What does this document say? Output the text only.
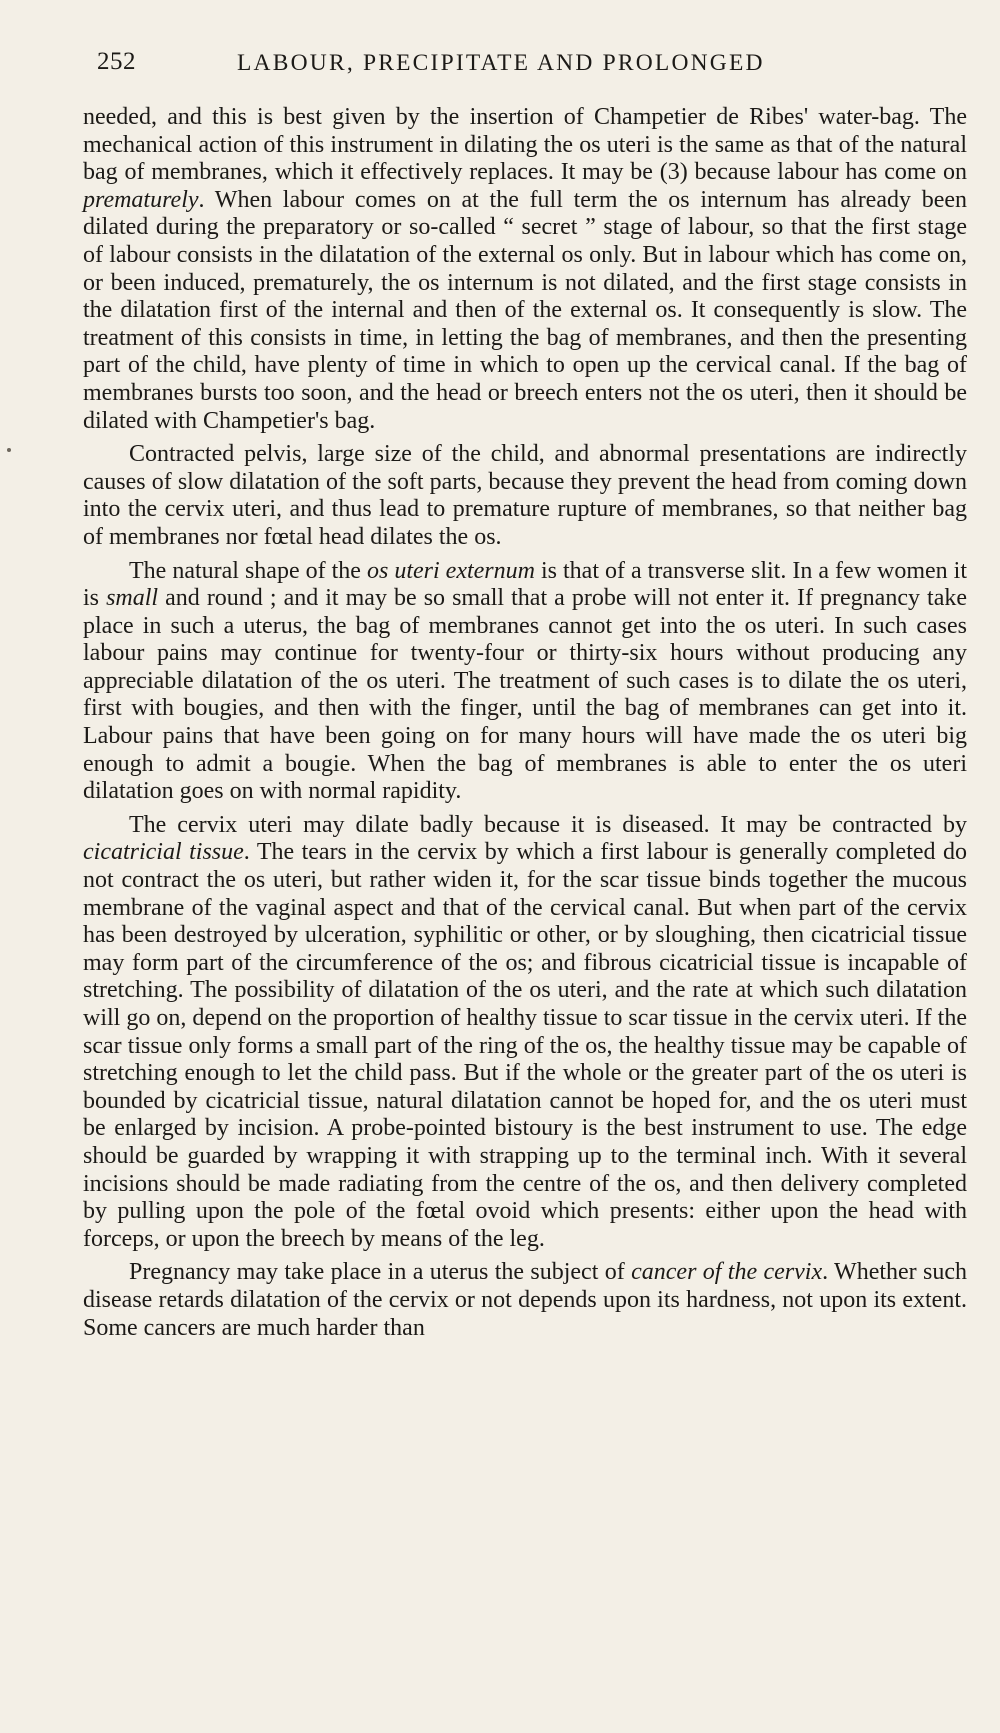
252	LABOUR, PRECIPITATE AND PROLONGED

needed, and this is best given by the insertion of Champetier de Ribes' water-bag. The mechanical action of this instrument in dilating the os uteri is the same as that of the natural bag of membranes, which it effectively replaces. It may be (3) because labour has come on prematurely. When labour comes on at the full term the os internum has already been dilated during the preparatory or so-called “ secret ” stage of labour, so that the first stage of labour consists in the dilatation of the external os only. But in labour which has come on, or been induced, prematurely, the os internum is not dilated, and the first stage consists in the dilatation first of the internal and then of the external os. It consequently is slow. The treatment of this consists in time, in letting the bag of membranes, and then the presenting part of the child, have plenty of time in which to open up the cervical canal. If the bag of membranes bursts too soon, and the head or breech enters not the os uteri, then it should be dilated with Champetier's bag.

Contracted pelvis, large size of the child, and abnormal presentations are indirectly causes of slow dilatation of the soft parts, because they prevent the head from coming down into the cervix uteri, and thus lead to premature rupture of membranes, so that neither bag of membranes nor fœtal head dilates the os.

The natural shape of the os uteri externum is that of a transverse slit. In a few women it is small and round ; and it may be so small that a probe will not enter it. If pregnancy take place in such a uterus, the bag of membranes cannot get into the os uteri. In such cases labour pains may continue for twenty-four or thirty-six hours without producing any appreciable dilatation of the os uteri. The treatment of such cases is to dilate the os uteri, first with bougies, and then with the finger, until the bag of membranes can get into it. Labour pains that have been going on for many hours will have made the os uteri big enough to admit a bougie. When the bag of membranes is able to enter the os uteri dilatation goes on with normal rapidity.

The cervix uteri may dilate badly because it is diseased. It may be contracted by cicatricial tissue. The tears in the cervix by which a first labour is generally completed do not contract the os uteri, but rather widen it, for the scar tissue binds together the mucous membrane of the vaginal aspect and that of the cervical canal. But when part of the cervix has been destroyed by ulceration, syphilitic or other, or by sloughing, then cicatricial tissue may form part of the circumference of the os; and fibrous cicatricial tissue is incapable of stretching. The possibility of dilatation of the os uteri, and the rate at which such dilatation will go on, depend on the proportion of healthy tissue to scar tissue in the cervix uteri. If the scar tissue only forms a small part of the ring of the os, the healthy tissue may be capable of stretching enough to let the child pass. But if the whole or the greater part of the os uteri is bounded by cicatricial tissue, natural dilatation cannot be hoped for, and the os uteri must be enlarged by incision. A probe-pointed bistoury is the best instrument to use. The edge should be guarded by wrapping it with strapping up to the terminal inch. With it several incisions should be made radiating from the centre of the os, and then delivery completed by pulling upon the pole of the fœtal ovoid which presents: either upon the head with forceps, or upon the breech by means of the leg.

Pregnancy may take place in a uterus the subject of cancer of the cervix. Whether such disease retards dilatation of the cervix or not depends upon its hardness, not upon its extent. Some cancers are much harder than
